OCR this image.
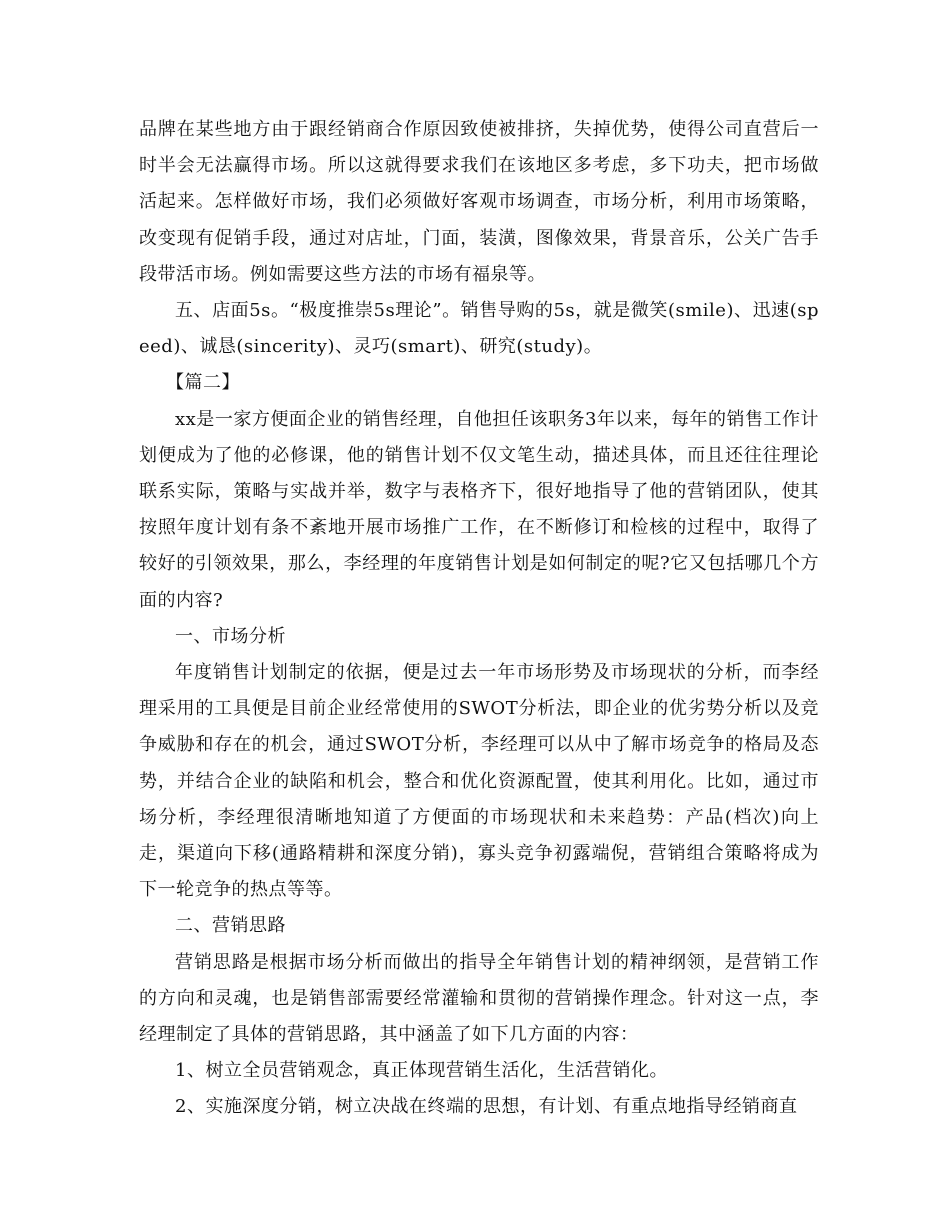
品牌在某些地方由于跟经销商合作原因致使被排挤，失掉优势，使得公司直营后一时半会无法赢得市场。所以这就得要求我们在该地区多考虑，多下功夫，把市场做活起来。怎样做好市场，我们必须做好客观市场调查，市场分析，利用市场策略，改变现有促销手段，通过对店址，门面，装潢，图像效果，背景音乐，公关广告手段带活市场。例如需要这些方法的市场有福泉等。

五、店面5s。“极度推崇5s理论”。销售导购的5s，就是微笑(smile)、迅速(speed)、诚恳(sincerity)、灵巧(smart)、研究(study)。

【篇二】

xx是一家方便面企业的销售经理，自他担任该职务3年以来，每年的销售工作计划便成为了他的必修课，他的销售计划不仅文笔生动，描述具体，而且还往往理论联系实际，策略与实战并举，数字与表格齐下，很好地指导了他的营销团队，使其按照年度计划有条不紊地开展市场推广工作，在不断修订和检核的过程中，取得了较好的引领效果，那么，李经理的年度销售计划是如何制定的呢?它又包括哪几个方面的内容?

一、市场分析

年度销售计划制定的依据，便是过去一年市场形势及市场现状的分析，而李经理采用的工具便是目前企业经常使用的SWOT分析法，即企业的优劣势分析以及竞争威胁和存在的机会，通过SWOT分析，李经理可以从中了解市场竞争的格局及态势，并结合企业的缺陷和机会，整合和优化资源配置，使其利用化。比如，通过市场分析，李经理很清晰地知道了方便面的市场现状和未来趋势：产品(档次)向上走，渠道向下移(通路精耕和深度分销)，寡头竞争初露端倪，营销组合策略将成为下一轮竞争的热点等等。

二、营销思路

营销思路是根据市场分析而做出的指导全年销售计划的精神纲领，是营销工作的方向和灵魂，也是销售部需要经常灌输和贯彻的营销操作理念。针对这一点，李经理制定了具体的营销思路，其中涵盖了如下几方面的内容：

1、树立全员营销观念，真正体现营销生活化，生活营销化。

2、实施深度分销，树立决战在终端的思想，有计划、有重点地指导经销商直
